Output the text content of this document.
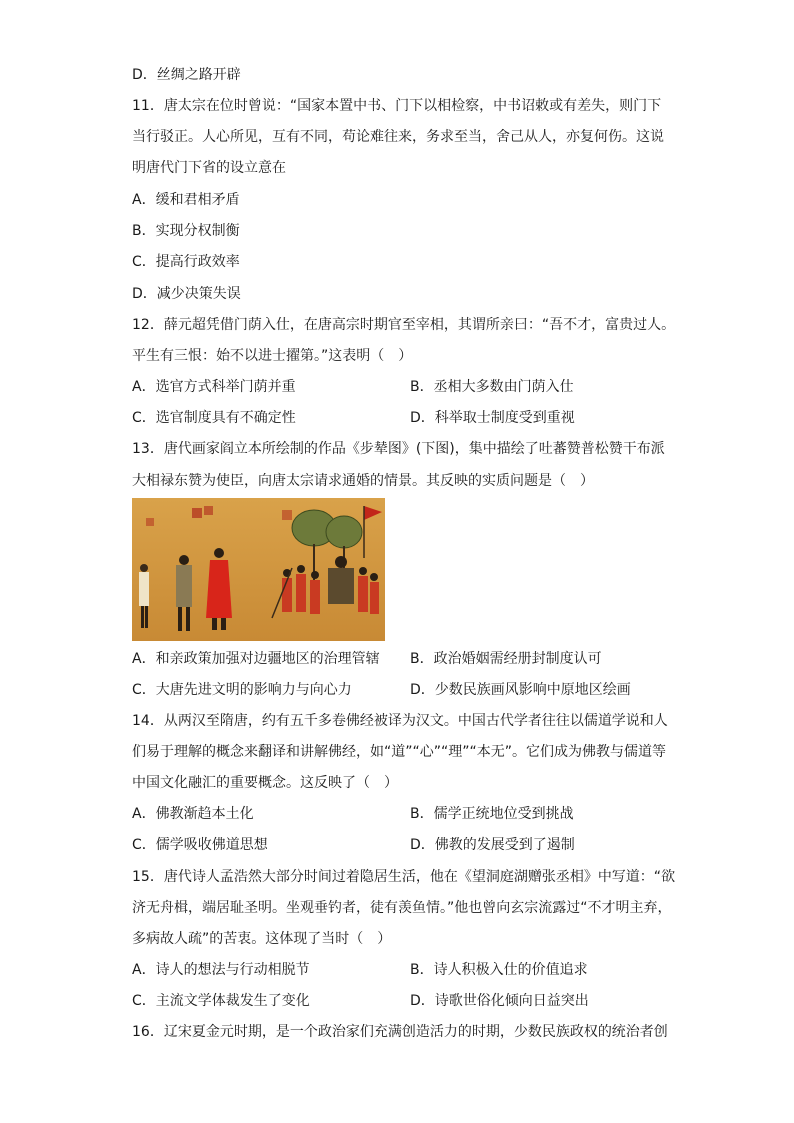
D．丝绸之路开辟
11．唐太宗在位时曾说：“国家本置中书、门下以相检察，中书诏敕或有差失，则门下
当行驳正。人心所见，互有不同，苟论难往来，务求至当，舍己从人，亦复何伤。这说
明唐代门下省的设立意在
A．缓和君相矛盾
B．实现分权制衡
C．提高行政效率
D．减少决策失误
12．薛元超凭借门荫入仕，在唐高宗时期官至宰相，其谓所亲曰：“吾不才，富贵过人。
平生有三恨：始不以进士擢第。”这表明（　）
A．选官方式科举门荫并重	B．丞相大多数由门荫入仕
C．选官制度具有不确定性	D．科举取士制度受到重视
13．唐代画家阎立本所绘制的作品《步辇图》(下图)，集中描绘了吐蕃赞普松赞干布派
大相禄东赞为使臣，向唐太宗请求通婚的情景。其反映的实质问题是（　）
A．和亲政策加强对边疆地区的治理管辖 B．政治婚姻需经册封制度认可
C．大唐先进文明的影响力与向心力	D．少数民族画风影响中原地区绘画
14．从两汉至隋唐，约有五千多卷佛经被译为汉文。中国古代学者往往以儒道学说和人
们易于理解的概念来翻译和讲解佛经，如“道”“心”“理”“本无”。它们成为佛教与儒道等
中国文化融汇的重要概念。这反映了（　）
A．佛教渐趋本土化	B．儒学正统地位受到挑战
C．儒学吸收佛道思想	D．佛教的发展受到了遏制
15．唐代诗人孟浩然大部分时间过着隐居生活，他在《望洞庭湖赠张丞相》中写道：“欲
济无舟楫，端居耻圣明。坐观垂钓者，徒有羡鱼情。”他也曾向玄宗流露过“不才明主弃，
多病故人疏”的苦衷。这体现了当时（　）
A．诗人的想法与行动相脱节	B．诗人积极入仕的价值追求
C．主流文学体裁发生了变化	D．诗歌世俗化倾向日益突出
16．辽宋夏金元时期，是一个政治家们充满创造活力的时期，少数民族政权的统治者创
